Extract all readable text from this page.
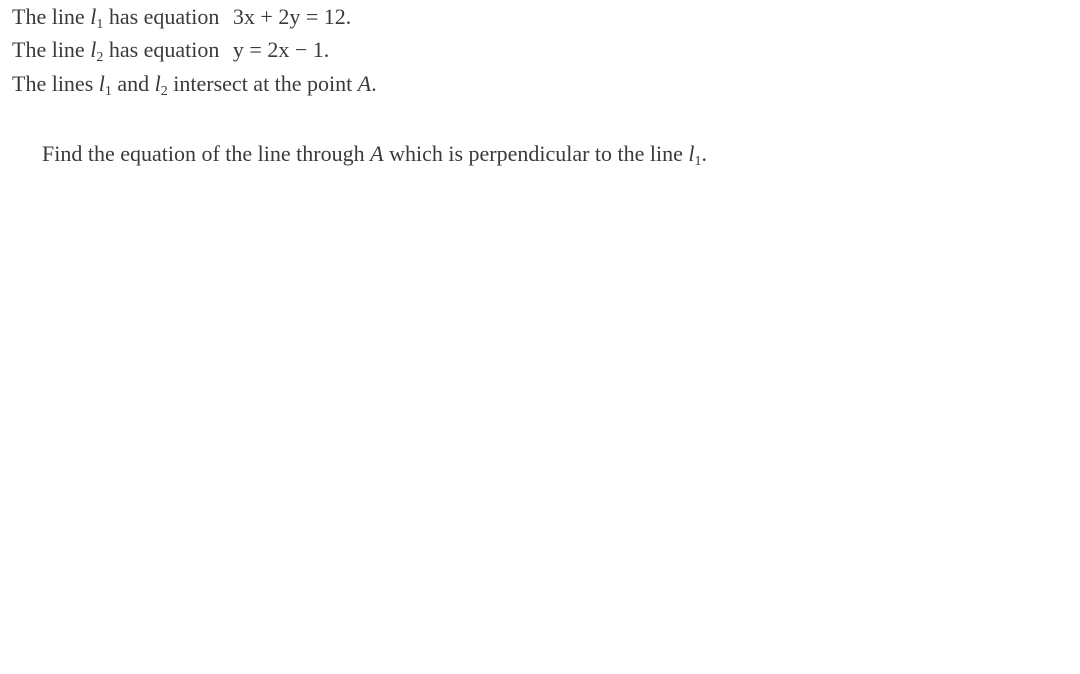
The line $l_1$ has equation 3x + 2y = 12.
The line $l_2$ has equation y = 2x − 1.
The lines $l_1$ and $l_2$ intersect at the point A.
Find the equation of the line through A which is perpendicular to the line $l_1$.
